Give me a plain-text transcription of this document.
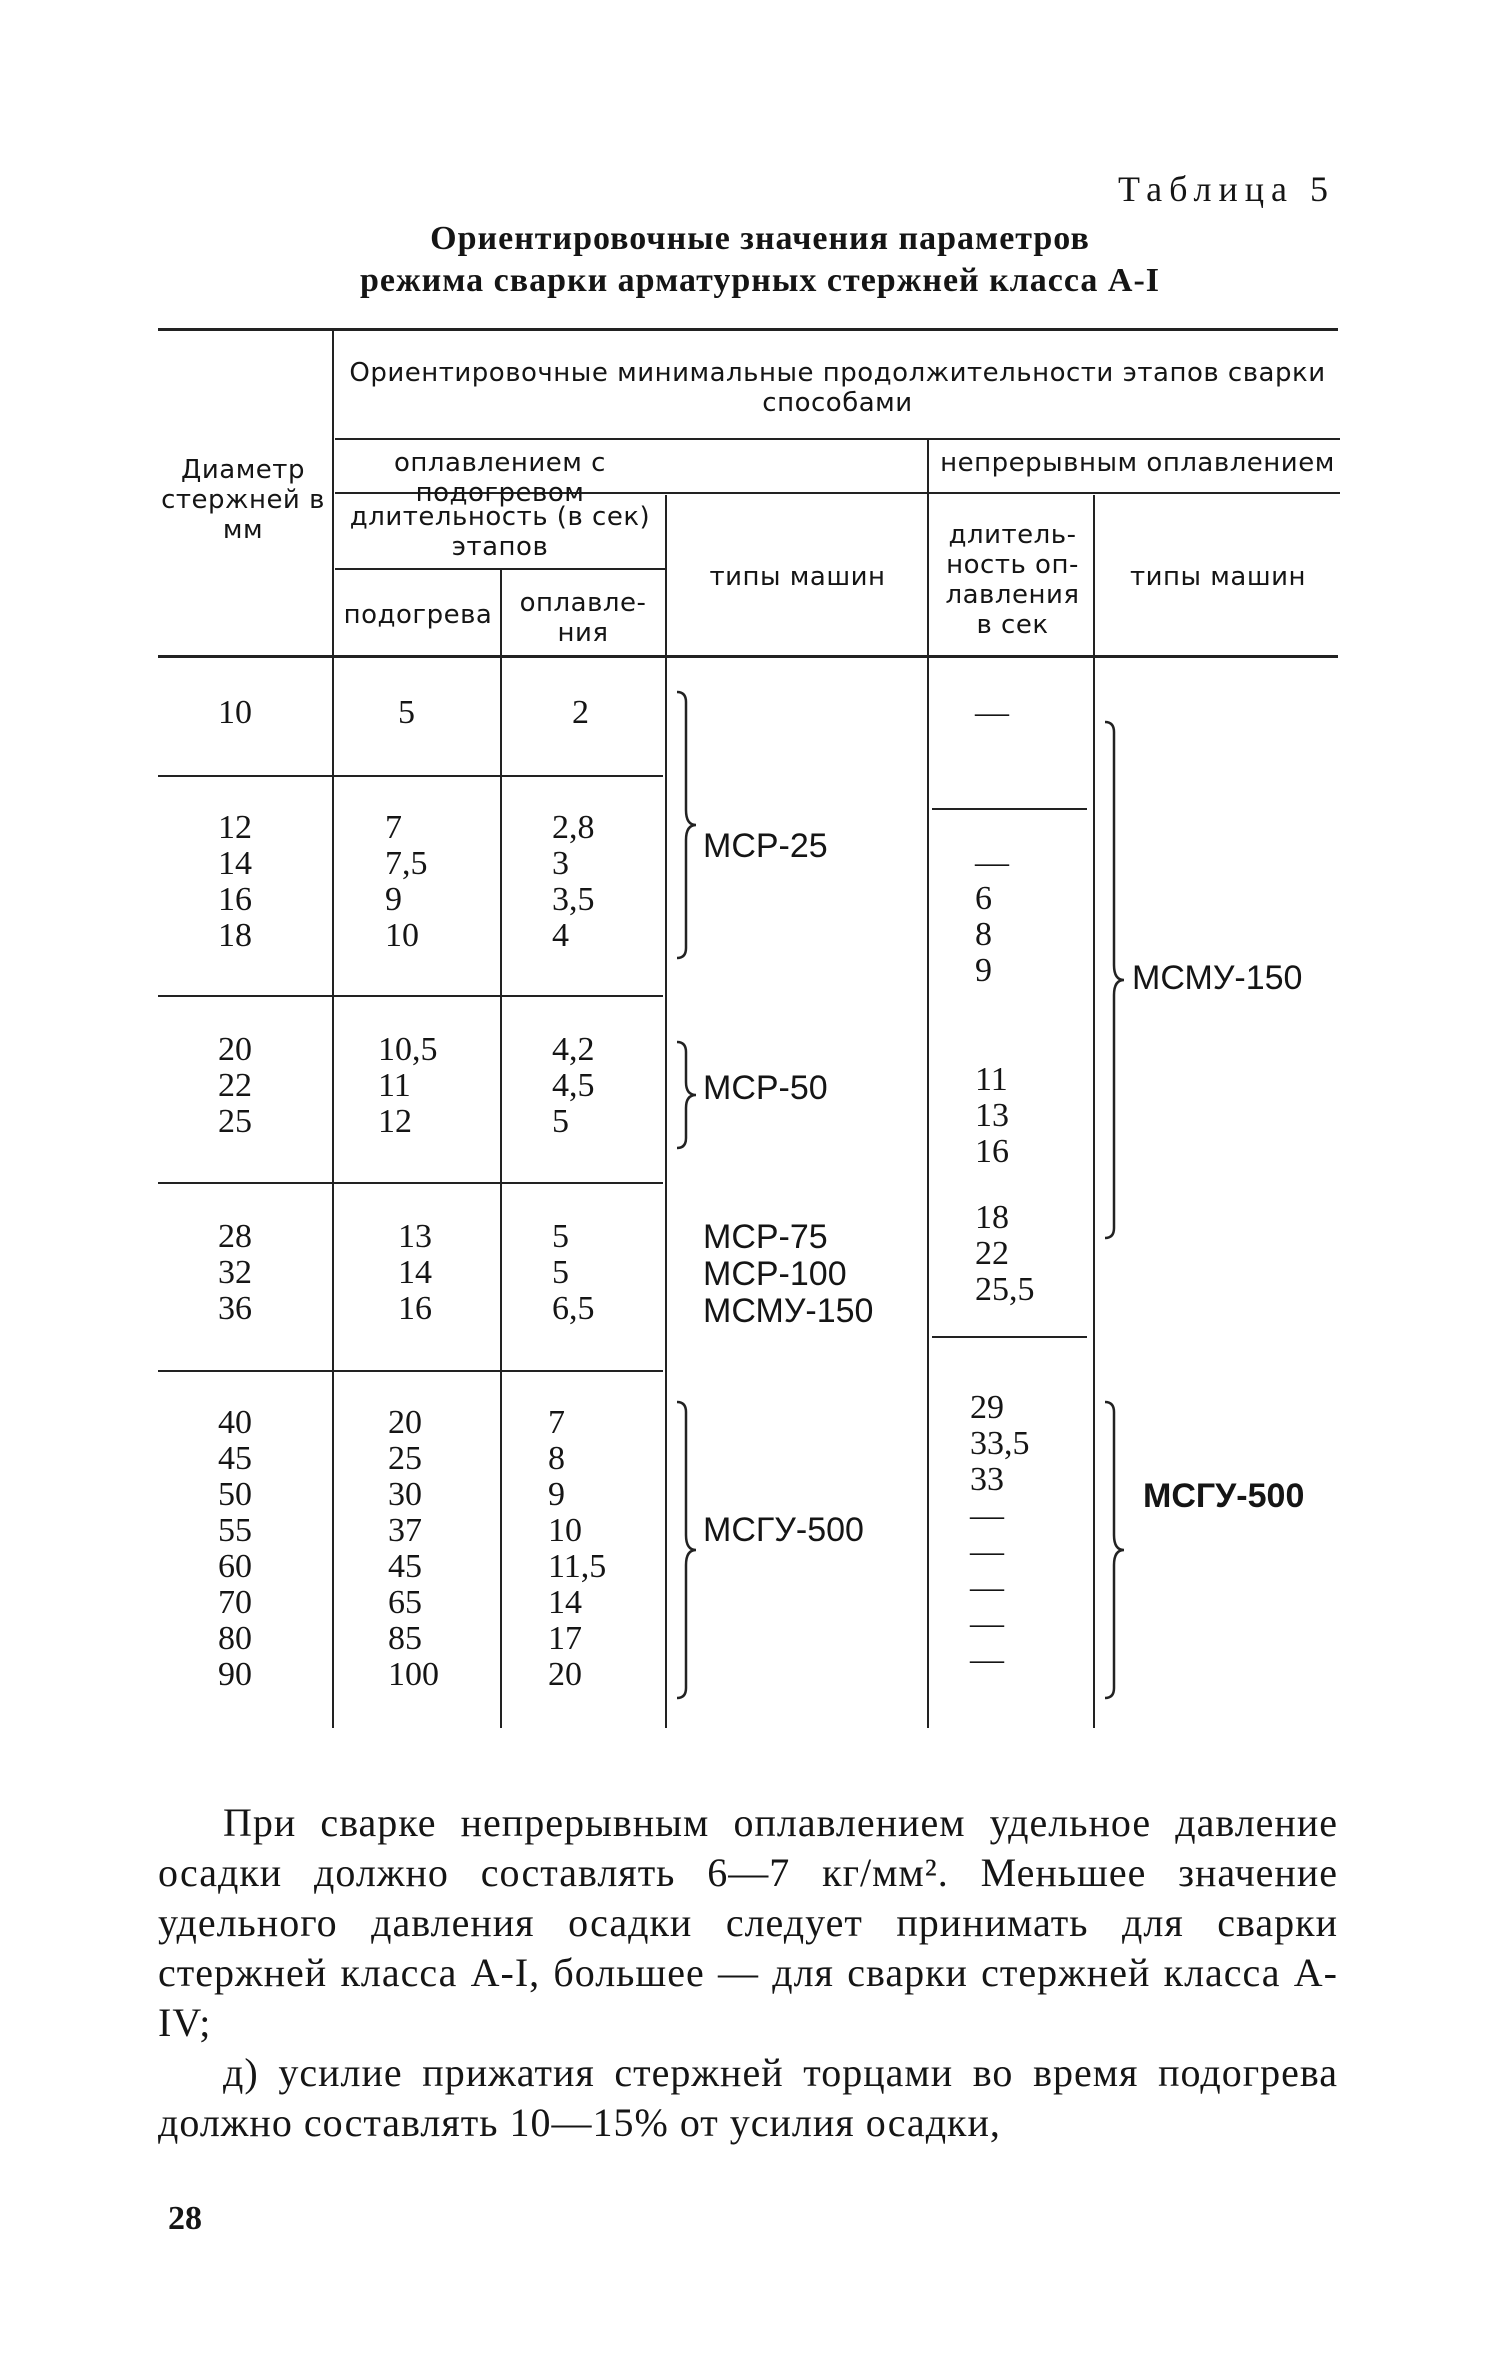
Таблица 5
Ориентировочные значения параметров
режима сварки арматурных стержней класса А-I
Диаметр стержней в мм
Ориентировочные минимальные продолжительности этапов сварки способами
оплавлением с подогревом
непрерывным оплавлением
длительность (в сек) этапов
подогрева	оплавле-ния
типы машин
длитель-ность оп-лавления в сек
типы машин
10
12
14
16
18
20
22
25
28
32
36
40
45
50
55
60
70
80
90
5
7
7,5
9
10
10,5
11
12
13
14
16
20
25
30
37
45
65
85
100
2
2,8
3
3,5
4
4,2
4,5
5
5
5
6,5
7
8
9
10
11,5
14
17
20
МСР-25
МСР-50
МСР-75
МСР-100
МСМУ-150
МСГУ-500
—
—
6
8
9
11
13
16
18
22
25,5
29
33,5
33
—
—
—
—
—
МСМУ-150
МСГУ-500

При сварке непрерывным оплавлением удельное давление осадки должно составлять 6—7 кг/мм². Меньшее значение удельного давления осадки следует принимать для сварки стержней класса A-I, большее — для сварки стержней класса A-IV;

д) усилие прижатия стержней торцами во время подогрева должно составлять 10—15% от усилия осадки,

28
